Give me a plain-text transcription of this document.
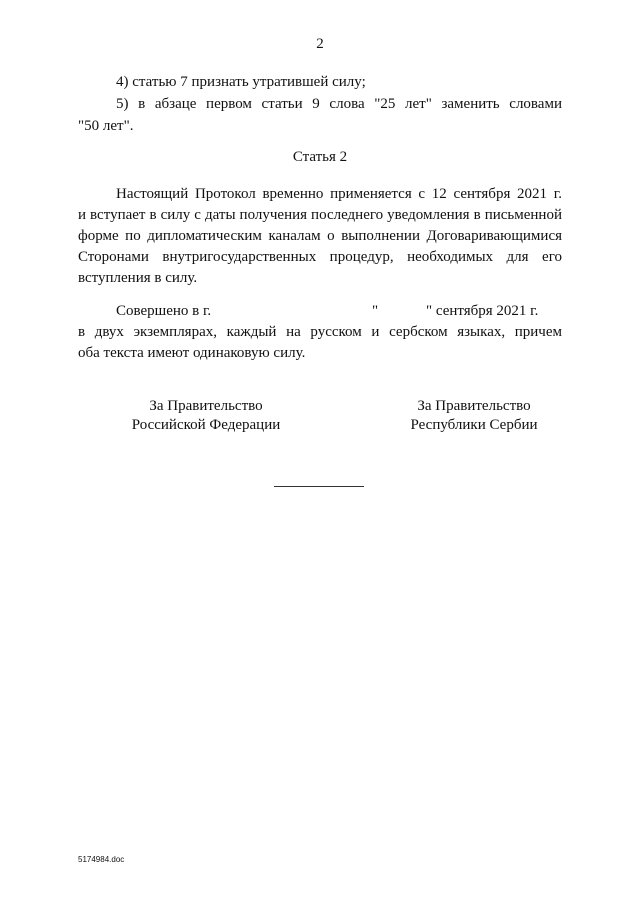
2
4) статью 7 признать утратившей силу;
5) в абзаце первом статьи 9 слова "25 лет" заменить словами
"50 лет".
Статья 2
Настоящий Протокол временно применяется с 12 сентября 2021 г.
и вступает в силу с даты получения последнего уведомления в письменной
форме по дипломатическим каналам о выполнении Договаривающимися
Сторонами внутригосударственных процедур, необходимых для его
вступления в силу.
Совершено в г.	"	" сентября 2021 г.
в двух экземплярах, каждый на русском и сербском языках, причем
оба текста имеют одинаковую силу.
За Правительство
Российской Федерации
За Правительство
Республики Сербии
5174984.doc
